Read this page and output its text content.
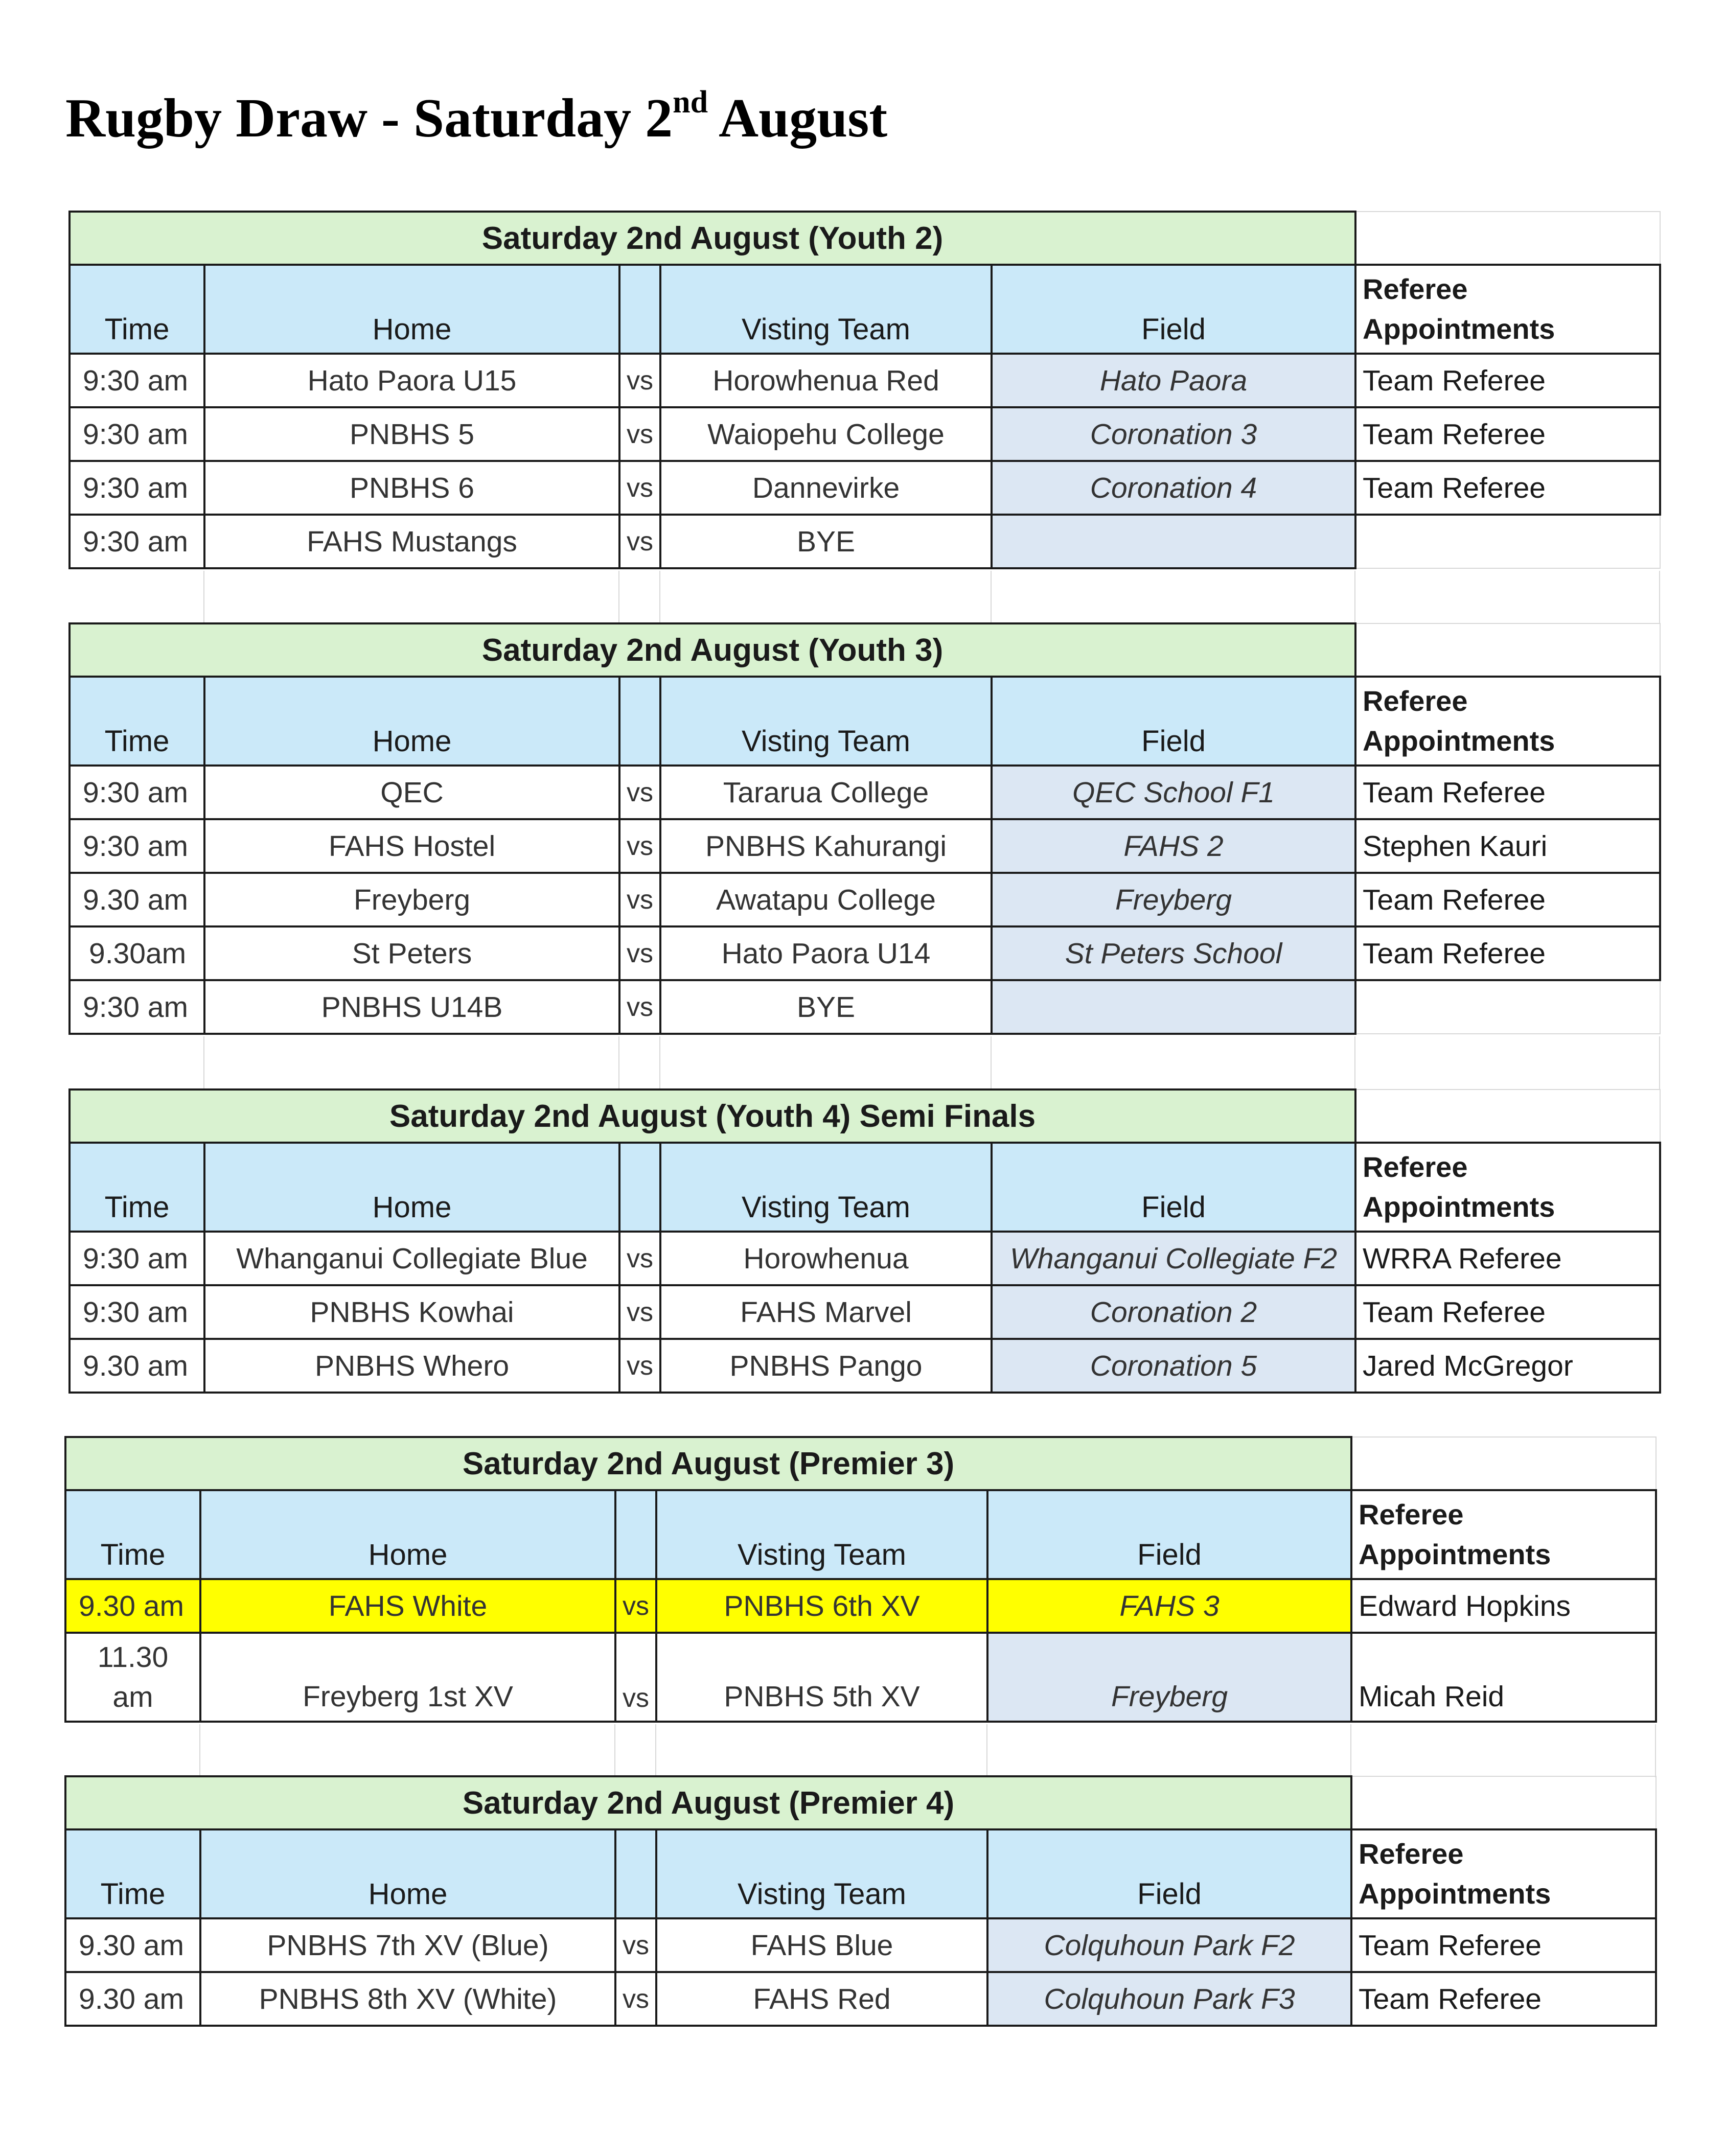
Rugby Draw - Saturday 2nd August
Saturday 2nd August (Youth 2)					
Time	Home		Visting Team	Field	Referee
Appointments
9:30 am	Hato Paora U15	vs	Horowhenua Red	Hato Paora	Team Referee
9:30 am	PNBHS 5	vs	Waiopehu College	Coronation 3	Team Referee
9:30 am	PNBHS 6	vs	Dannevirke	Coronation 4	Team Referee
9:30 am	FAHS Mustangs	vs	BYE		
Saturday 2nd August (Youth 3)					
Time	Home		Visting Team	Field	Referee
Appointments
9:30 am	QEC	vs	Tararua College	QEC School F1	Team Referee
9:30 am	FAHS Hostel	vs	PNBHS Kahurangi	FAHS 2	Stephen Kauri
9.30 am	Freyberg	vs	Awatapu College	Freyberg	Team Referee
9.30am	St Peters	vs	Hato Paora U14	St Peters School	Team Referee
9:30 am	PNBHS U14B	vs	BYE		
Saturday 2nd August (Youth 4) Semi Finals					
Time	Home		Visting Team	Field	Referee
Appointments
9:30 am	Whanganui Collegiate Blue	vs	Horowhenua	Whanganui Collegiate F2	WRRA Referee
9:30 am	PNBHS Kowhai	vs	FAHS Marvel	Coronation 2	Team Referee
9.30 am	PNBHS Whero	vs	PNBHS Pango	Coronation 5	Jared McGregor
Saturday 2nd August (Premier 3)					
Time	Home		Visting Team	Field	Referee
Appointments
9.30 am	FAHS White	vs	PNBHS 6th XV	FAHS 3	Edward Hopkins
11.30
am	Freyberg 1st XV	vs	PNBHS 5th XV	Freyberg	Micah Reid
Saturday 2nd August (Premier 4)					
Time	Home		Visting Team	Field	Referee
Appointments
9.30 am	PNBHS 7th XV (Blue)	vs	FAHS Blue	Colquhoun Park F2	Team Referee
9.30 am	PNBHS 8th XV (White)	vs	FAHS Red	Colquhoun Park F3	Team Referee
